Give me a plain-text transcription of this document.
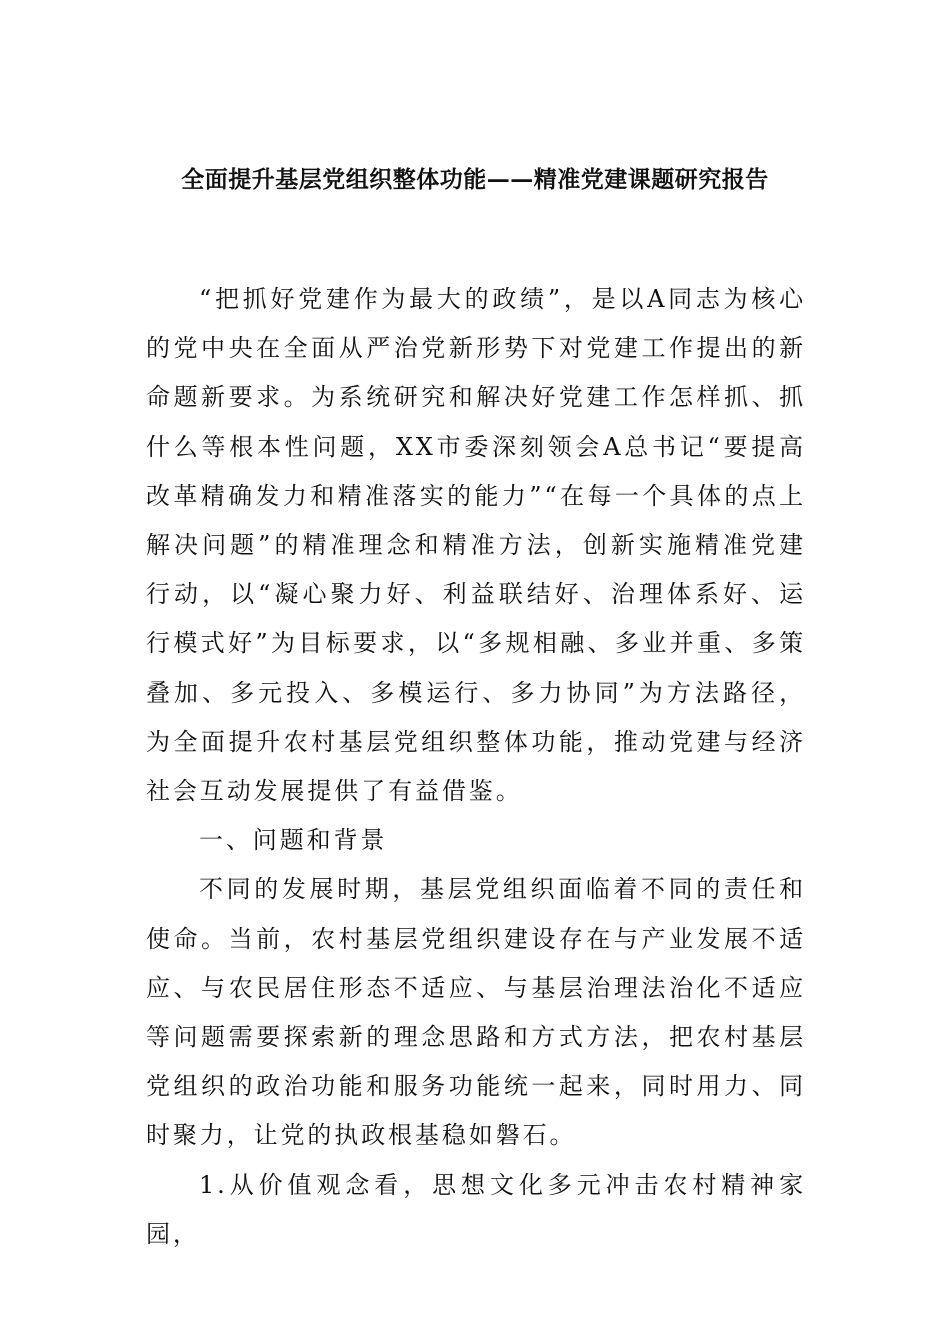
全面提升基层党组织整体功能——精准党建课题研究报告

“把抓好党建作为最大的政绩”，是以A同志为核心的党中央在全面从严治党新形势下对党建工作提出的新命题新要求。为系统研究和解决好党建工作怎样抓、抓什么等根本性问题，XX市委深刻领会A总书记“要提高改革精确发力和精准落实的能力”“在每一个具体的点上解决问题”的精准理念和精准方法，创新实施精准党建行动，以“凝心聚力好、利益联结好、治理体系好、运行模式好”为目标要求，以“多规相融、多业并重、多策叠加、多元投入、多模运行、多力协同”为方法路径，为全面提升农村基层党组织整体功能，推动党建与经济社会互动发展提供了有益借鉴。

一、问题和背景

不同的发展时期，基层党组织面临着不同的责任和使命。当前，农村基层党组织建设存在与产业发展不适应、与农民居住形态不适应、与基层治理法治化不适应等问题需要探索新的理念思路和方式方法，把农村基层党组织的政治功能和服务功能统一起来，同时用力、同时聚力，让党的执政根基稳如磐石。

1.从价值观念看，思想文化多元冲击农村精神家园，
